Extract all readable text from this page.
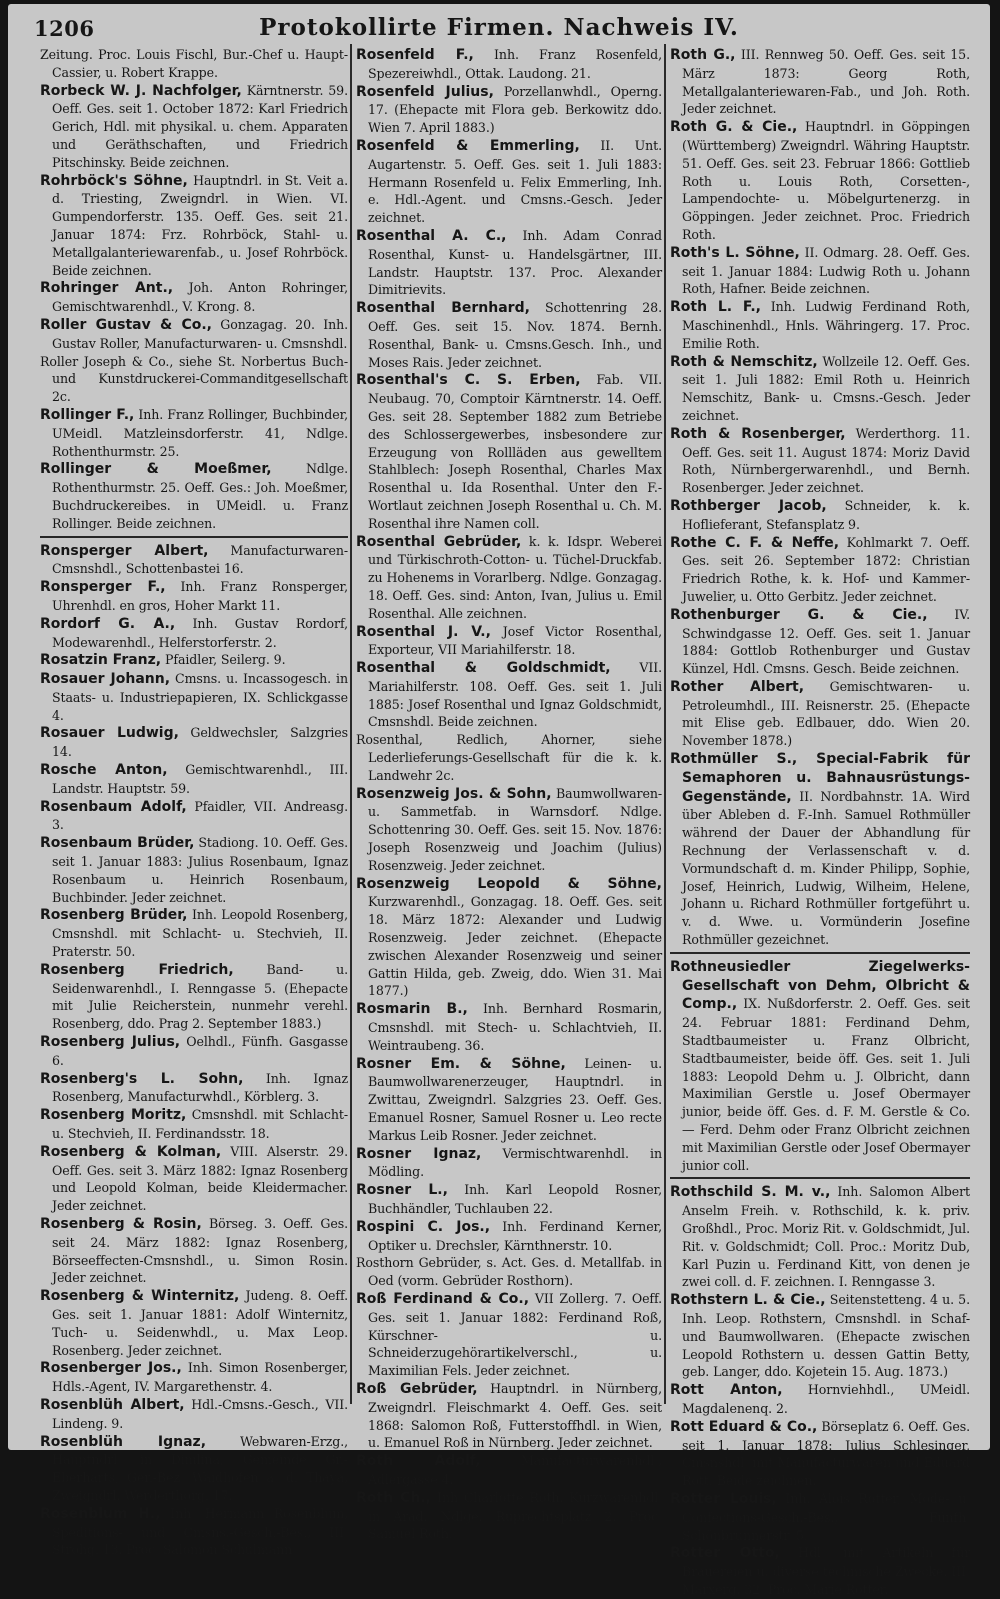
1206	Protokollirte Firmen. Nachweis IV.

Zeitung. Proc. Louis Fischl, Bur.-Chef u. Haupt-Cassier, u. Robert Krappe.

Rorbeck W. J. Nachfolger, Kärntnerstr. 59. Oeff. Ges. seit 1. October 1872: Karl Friedrich Gerich, Hdl. mit physikal. u. chem. Apparaten und Geräthschaften, und Friedrich Pitschinsky. Beide zeichnen.

Rohrböck's Söhne, Hauptndrl. in St. Veit a. d. Triesting, Zweigndrl. in Wien. VI. Gumpendorferstr. 135. Oeff. Ges. seit 21. Januar 1874: Frz. Rohrböck, Stahl- u. Metallgalanteriewarenfab., u. Josef Rohrböck. Beide zeichnen.

Rohringer Ant., Joh. Anton Rohringer, Gemischtwarenhdl., V. Krong. 8.

Roller Gustav & Co., Gonzagag. 20. Inh. Gustav Roller, Manufacturwaren- u. Cmsnshdl.

Roller Joseph & Co., siehe St. Norbertus Buch- und Kunstdruckerei-Commanditgesellschaft 2c.

Rollinger F., Inh. Franz Rollinger, Buchbinder, UMeidl. Matzleinsdorferstr. 41, Ndlge. Rothenthurmstr. 25.

Rollinger & Moeßmer, Ndlge. Rothenthurmstr. 25. Oeff. Ges.: Joh. Moeßmer, Buchdruckereibes. in UMeidl. u. Franz Rollinger. Beide zeichnen.

Ronsperger Albert, Manufacturwaren-Cmsnshdl., Schottenbastei 16.

Ronsperger F., Inh. Franz Ronsperger, Uhrenhdl. en gros, Hoher Markt 11.

Rordorf G. A., Inh. Gustav Rordorf, Modewarenhdl., Helferstorferstr. 2.

Rosatzin Franz, Pfaidler, Seilerg. 9.

Rosauer Johann, Cmsns. u. Incassogesch. in Staats- u. Industriepapieren, IX. Schlickgasse 4.

Rosauer Ludwig, Geldwechsler, Salzgries 14.

Rosche Anton, Gemischtwarenhdl., III. Landstr. Hauptstr. 59.

Rosenbaum Adolf, Pfaidler, VII. Andreasg. 3.

Rosenbaum Brüder, Stadiong. 10. Oeff. Ges. seit 1. Januar 1883: Julius Rosenbaum, Ignaz Rosenbaum u. Heinrich Rosenbaum, Buchbinder. Jeder zeichnet.

Rosenberg Brüder, Inh. Leopold Rosenberg, Cmsnshdl. mit Schlacht- u. Stechvieh, II. Praterstr. 50.

Rosenberg Friedrich, Band- u. Seidenwarenhdl., I. Renngasse 5. (Ehepacte mit Julie Reicherstein, nunmehr verehl. Rosenberg, ddo. Prag 2. September 1883.)

Rosenberg Julius, Oelhdl., Fünfh. Gasgasse 6.

Rosenberg's L. Sohn, Inh. Ignaz Rosenberg, Manufacturwhdl., Körblerg. 3.

Rosenberg Moritz, Cmsnshdl. mit Schlacht- u. Stechvieh, II. Ferdinandsstr. 18.

Rosenberg & Kolman, VIII. Alserstr. 29. Oeff. Ges. seit 3. März 1882: Ignaz Rosenberg und Leopold Kolman, beide Kleidermacher. Jeder zeichnet.

Rosenberg & Rosin, Börseg. 3. Oeff. Ges. seit 24. März 1882: Ignaz Rosenberg, Börseeffecten-Cmsnshdl., u. Simon Rosin. Jeder zeichnet.

Rosenberg & Winternitz, Judeng. 8. Oeff. Ges. seit 1. Januar 1881: Adolf Winternitz, Tuch- u. Seidenwhdl., u. Max Leop. Rosenberg. Jeder zeichnet.

Rosenberger Jos., Inh. Simon Rosenberger, Hdls.-Agent, IV. Margarethenstr. 4.

Rosenblüh Albert, Hdl.-Cmsns.-Gesch., VII. Lindeng. 9.

Rosenblüh Ignaz, Webwaren-Erzg., Hauptndrl. in Dimlina, Gemeinde Gr.-Eberharts, Ger.-Bez. Waidhofen a. d. Thaya, Zweigndrl. Werderthorg. 17.

Rosenblum H., Inh. Hermann Rosenblum, Speditions- und Cmsns.-Gesch.-Bes., III. Strohg. 13. Proc. Salomon Schulmann.

Rosenfeld F., Inh. Franz Rosenfeld, Spezereiwhdl., Ottak. Laudong. 21.

Rosenfeld Julius, Porzellanwhdl., Operng. 17. (Ehepacte mit Flora geb. Berkowitz ddo. Wien 7. April 1883.)

Rosenfeld & Emmerling, II. Unt. Augartenstr. 5. Oeff. Ges. seit 1. Juli 1883: Hermann Rosenfeld u. Felix Emmerling, Inh. e. Hdl.-Agent. und Cmsns.-Gesch. Jeder zeichnet.

Rosenthal A. C., Inh. Adam Conrad Rosenthal, Kunst- u. Handelsgärtner, III. Landstr. Hauptstr. 137. Proc. Alexander Dimitrievits.

Rosenthal Bernhard, Schottenring 28. Oeff. Ges. seit 15. Nov. 1874. Bernh. Rosenthal, Bank- u. Cmsns.Gesch. Inh., und Moses Rais. Jeder zeichnet.

Rosenthal's C. S. Erben, Fab. VII. Neubaug. 70, Comptoir Kärntnerstr. 14. Oeff. Ges. seit 28. September 1882 zum Betriebe des Schlossergewerbes, insbesondere zur Erzeugung von Rollläden aus gewelltem Stahlblech: Joseph Rosenthal, Charles Max Rosenthal u. Ida Rosenthal. Unter den F.-Wortlaut zeichnen Joseph Rosenthal u. Ch. M. Rosenthal ihre Namen coll.

Rosenthal Gebrüder, k. k. Idspr. Weberei und Türkischroth-Cotton- u. Tüchel-Druckfab. zu Hohenems in Vorarlberg. Ndlge. Gonzagag. 18. Oeff. Ges. sind: Anton, Ivan, Julius u. Emil Rosenthal. Alle zeichnen.

Rosenthal J. V., Josef Victor Rosenthal, Exporteur, VII Mariahilferstr. 18.

Rosenthal & Goldschmidt, VII. Mariahilferstr. 108. Oeff. Ges. seit 1. Juli 1885: Josef Rosenthal und Ignaz Goldschmidt, Cmsnshdl. Beide zeichnen.

Rosenthal, Redlich, Ahorner, siehe Lederlieferungs-Gesellschaft für die k. k. Landwehr 2c.

Rosenzweig Jos. & Sohn, Baumwollwaren- u. Sammetfab. in Warnsdorf. Ndlge. Schottenring 30. Oeff. Ges. seit 15. Nov. 1876: Joseph Rosenzweig und Joachim (Julius) Rosenzweig. Jeder zeichnet.

Rosenzweig Leopold & Söhne, Kurzwarenhdl., Gonzagag. 18. Oeff. Ges. seit 18. März 1872: Alexander und Ludwig Rosenzweig. Jeder zeichnet. (Ehepacte zwischen Alexander Rosenzweig und seiner Gattin Hilda, geb. Zweig, ddo. Wien 31. Mai 1877.)

Rosmarin B., Inh. Bernhard Rosmarin, Cmsnshdl. mit Stech- u. Schlachtvieh, II. Weintraubeng. 36.

Rosner Em. & Söhne, Leinen- u. Baumwollwarenerzeuger, Hauptndrl. in Zwittau, Zweigndrl. Salzgries 23. Oeff. Ges. Emanuel Rosner, Samuel Rosner u. Leo recte Markus Leib Rosner. Jeder zeichnet.

Rosner Ignaz, Vermischtwarenhdl. in Mödling.

Rosner L., Inh. Karl Leopold Rosner, Buchhändler, Tuchlauben 22.

Rospini C. Jos., Inh. Ferdinand Kerner, Optiker u. Drechsler, Kärnthnerstr. 10.

Rosthorn Gebrüder, s. Act. Ges. d. Metallfab. in Oed (vorm. Gebrüder Rosthorn).

Roß Ferdinand & Co., VII Zollerg. 7. Oeff. Ges. seit 1. Januar 1882: Ferdinand Roß, Kürschner- u. Schneiderzugehörartikelverschl., u. Maximilian Fels. Jeder zeichnet.

Roß Gebrüder, Hauptndrl. in Nürnberg, Zweigndrl. Fleischmarkt 4. Oeff. Ges. seit 1868: Salomon Roß, Futterstoffhdl. in Wien, u. Emanuel Roß in Nürnberg. Jeder zeichnet.

Roth Adolf, Manufacturwarenhdl., Adlergasse 4.

Roth Ch., Inh Charlotte Roth, Kurzwarenhdl. in Arad, Ndlge. Ruprechtsplatz 2. Proc. Samuel Roth.

Roth G., III. Rennweg 50. Oeff. Ges. seit 15. März 1873: Georg Roth, Metallgalanteriewaren-Fab., und Joh. Roth. Jeder zeichnet.

Roth G. & Cie., Hauptndrl. in Göppingen (Württemberg) Zweigndrl. Währing Hauptstr. 51. Oeff. Ges. seit 23. Februar 1866: Gottlieb Roth u. Louis Roth, Corsetten-, Lampendochte- u. Möbelgurtenerzg. in Göppingen. Jeder zeichnet. Proc. Friedrich Roth.

Roth's L. Söhne, II. Odmarg. 28. Oeff. Ges. seit 1. Januar 1884: Ludwig Roth u. Johann Roth, Hafner. Beide zeichnen.

Roth L. F., Inh. Ludwig Ferdinand Roth, Maschinenhdl., Hnls. Währingerg. 17. Proc. Emilie Roth.

Roth & Nemschitz, Wollzeile 12. Oeff. Ges. seit 1. Juli 1882: Emil Roth u. Heinrich Nemschitz, Bank- u. Cmsns.-Gesch. Jeder zeichnet.

Roth & Rosenberger, Werderthorg. 11. Oeff. Ges. seit 11. August 1874: Moriz David Roth, Nürnbergerwarenhdl., und Bernh. Rosenberger. Jeder zeichnet.

Rothberger Jacob, Schneider, k. k. Hoflieferant, Stefansplatz 9.

Rothe C. F. & Neffe, Kohlmarkt 7. Oeff. Ges. seit 26. September 1872: Christian Friedrich Rothe, k. k. Hof- und Kammer-Juwelier, u. Otto Gerbitz. Jeder zeichnet.

Rothenburger G. & Cie., IV. Schwindgasse 12. Oeff. Ges. seit 1. Januar 1884: Gottlob Rothenburger und Gustav Künzel, Hdl. Cmsns. Gesch. Beide zeichnen.

Rother Albert, Gemischtwaren- u. Petroleumhdl., III. Reisnerstr. 25. (Ehepacte mit Elise geb. Edlbauer, ddo. Wien 20. November 1878.)

Rothmüller S., Special-Fabrik für Semaphoren u. Bahnausrüstungs-Gegenstände, II. Nordbahnstr. 1A. Wird über Ableben d. F.-Inh. Samuel Rothmüller während der Dauer der Abhandlung für Rechnung der Verlassenschaft v. d. Vormundschaft d. m. Kinder Philipp, Sophie, Josef, Heinrich, Ludwig, Wilheim, Helene, Johann u. Richard Rothmüller fortgeführt u. v. d. Wwe. u. Vormünderin Josefine Rothmüller gezeichnet.

Rothneusiedler Ziegelwerks-Gesellschaft von Dehm, Olbricht & Comp., IX. Nußdorferstr. 2. Oeff. Ges. seit 24. Februar 1881: Ferdinand Dehm, Stadtbaumeister u. Franz Olbricht, Stadtbaumeister, beide öff. Ges. seit 1. Juli 1883: Leopold Dehm u. J. Olbricht, dann Maximilian Gerstle u. Josef Obermayer junior, beide öff. Ges. d. F. M. Gerstle & Co. — Ferd. Dehm oder Franz Olbricht zeichnen mit Maximilian Gerstle oder Josef Obermayer junior coll.

Rothschild S. M. v., Inh. Salomon Albert Anselm Freih. v. Rothschild, k. k. priv. Großhdl., Proc. Moriz Rit. v. Goldschmidt, Jul. Rit. v. Goldschmidt; Coll. Proc.: Moritz Dub, Karl Puzin u. Ferdinand Kitt, von denen je zwei coll. d. F. zeichnen. I. Renngasse 3.

Rothstern L. & Cie., Seitenstetteng. 4 u. 5. Inh. Leop. Rothstern, Cmsnshdl. in Schaf- und Baumwollwaren. (Ehepacte zwischen Leopold Rothstern u. dessen Gattin Betty, geb. Langer, ddo. Kojetein 15. Aug. 1873.)

Rott Anton, Hornviehhdl., UMeidl. Magdalenenq. 2.

Rott Eduard & Co., Börseplatz 6. Oeff. Ges. seit 1. Januar 1878: Julius Schlesinger, Cmsnshdl. mit Manufacturwaren und Eduard Rott. Beide zeichnen.

Rotter Louis, Inh. Alois Rotter, Mode- u. Confections-Gesch.-Bes., Fünfh. Schönbrunnerstr. 5.

Rotter Otto, Hdl. mit Artikeln für Brauereien u. diverse technische Zwecke, III. Marxerg. 32. Proc. Marie Rotter.
